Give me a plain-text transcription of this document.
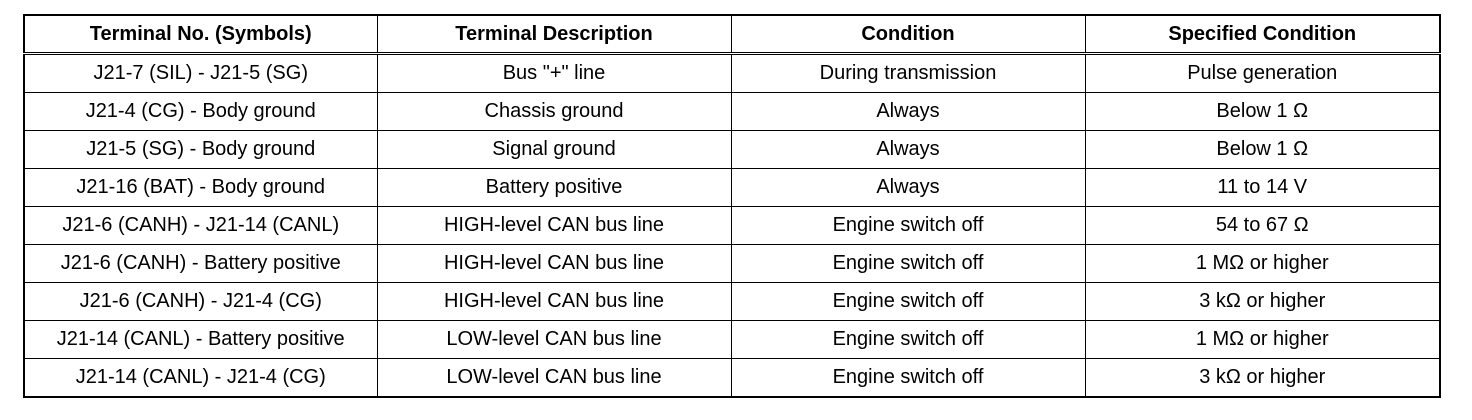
Terminal No. (Symbols)	Terminal Description	Condition	Specified Condition
J21-7 (SIL) - J21-5 (SG)	Bus "+" line	During transmission	Pulse generation
J21-4 (CG) - Body ground	Chassis ground	Always	Below 1 Ω
J21-5 (SG) - Body ground	Signal ground	Always	Below 1 Ω
J21-16 (BAT) - Body ground	Battery positive	Always	11 to 14 V
J21-6 (CANH) - J21-14 (CANL)	HIGH-level CAN bus line	Engine switch off	54 to 67 Ω
J21-6 (CANH) - Battery positive	HIGH-level CAN bus line	Engine switch off	1 MΩ or higher
J21-6 (CANH) - J21-4 (CG)	HIGH-level CAN bus line	Engine switch off	3 kΩ or higher
J21-14 (CANL) - Battery positive	LOW-level CAN bus line	Engine switch off	1 MΩ or higher
J21-14 (CANL) - J21-4 (CG)	LOW-level CAN bus line	Engine switch off	3 kΩ or higher
